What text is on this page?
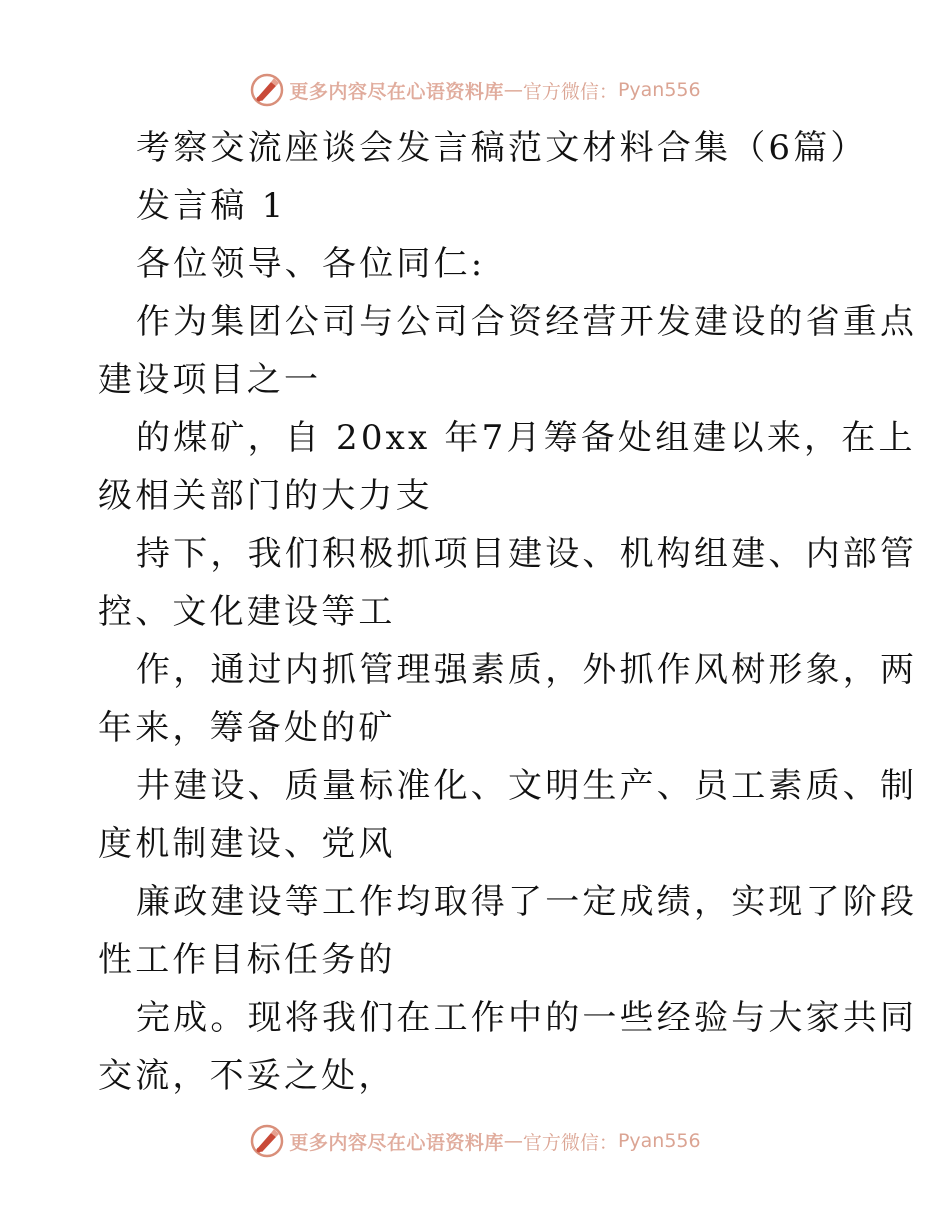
更多内容尽在心语资料库 — 官方微信： Pyan556
考察交流座谈会发言稿范文材料合集（6篇）
发言稿 1
各位领导、各位同仁:
作为集团公司与公司合资经营开发建设的省重点
建设项目之一
的煤矿，自 20xx 年7月筹备处组建以来，在上
级相关部门的大力支
持下，我们积极抓项目建设、机构组建、内部管
控、文化建设等工
作，通过内抓管理强素质，外抓作风树形象，两
年来，筹备处的矿
井建设、质量标准化、文明生产、员工素质、制
度机制建设、党风
廉政建设等工作均取得了一定成绩，实现了阶段
性工作目标任务的
完成。现将我们在工作中的一些经验与大家共同
交流，不妥之处，
更多内容尽在心语资料库 — 官方微信： Pyan556
